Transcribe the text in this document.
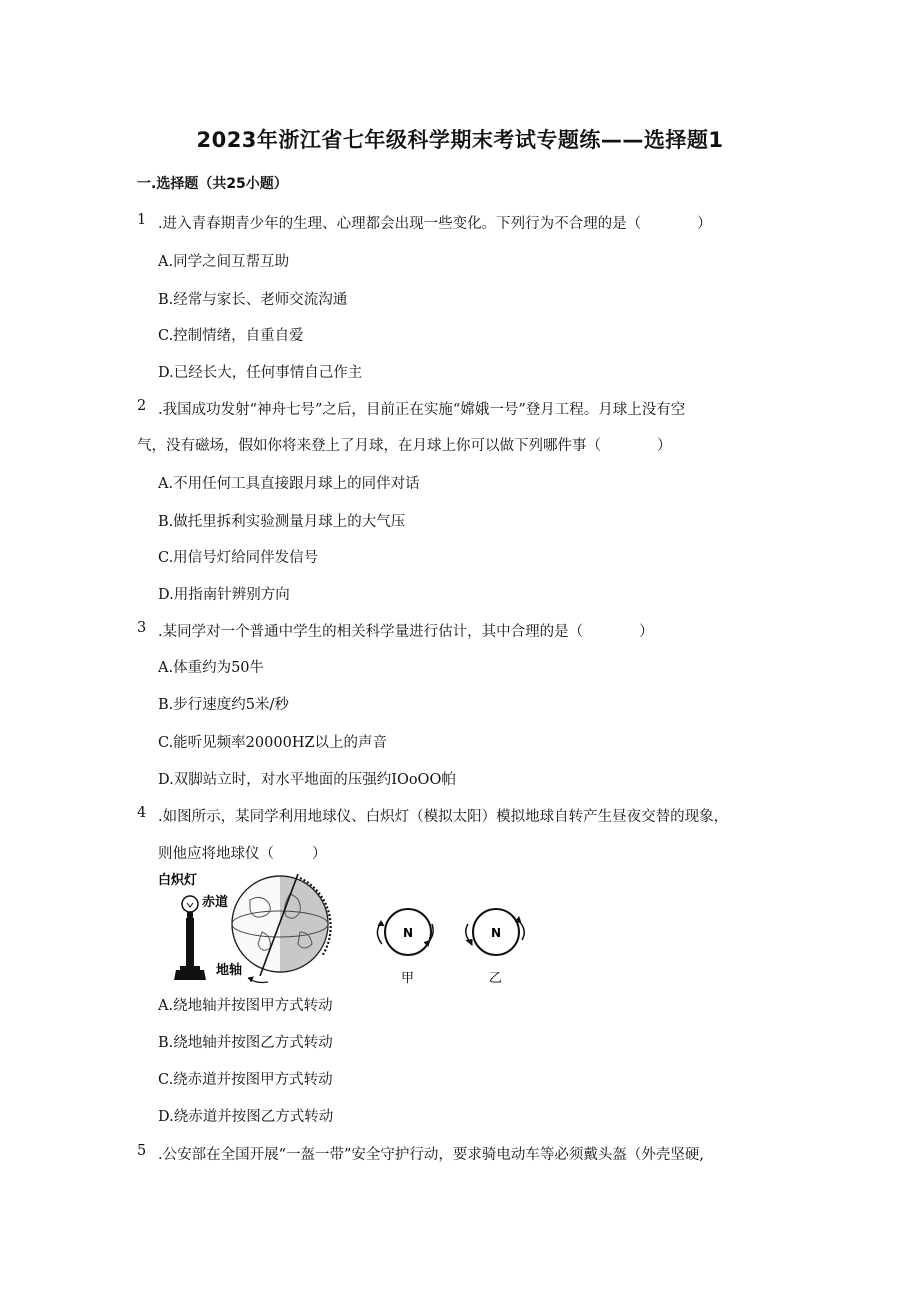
2023年浙江省七年级科学期末考试专题练——选择题1
一.选择题（共25小题）
1 .进入青春期青少年的生理、心理都会出现一些变化。下列行为不合理的是（	）
A.同学之间互帮互助
B.经常与家长、老师交流沟通
C.控制情绪，自重自爱
D.已经长大，任何事情自己作主
2 .我国成功发射“神舟七号”之后，目前正在实施“嫦娥一号”登月工程。月球上没有空
气，没有磁场，假如你将来登上了月球，在月球上你可以做下列哪件事（	）
A.不用任何工具直接跟月球上的同伴对话
B.做托里拆利实验测量月球上的大气压
C.用信号灯给同伴发信号
D.用指南针辨别方向
3 .某同学对一个普通中学生的相关科学量进行估计，其中合理的是（	）
A.体重约为50牛
B.步行速度约5米/秒
C.能听见频率20000HZ以上的声音
D.双脚站立时，对水平地面的压强约IOoOO帕
4 .如图所示，某同学利用地球仪、白炽灯（模拟太阳）模拟地球自转产生昼夜交替的现象，
则他应将地球仪（	）
白炽灯
赤道
地轴
N
甲
N
乙
A.绕地轴并按图甲方式转动
B.绕地轴并按图乙方式转动
C.绕赤道并按图甲方式转动
D.绕赤道并按图乙方式转动
5 .公安部在全国开展“一盔一带”安全守护行动，要求骑电动车等必须戴头盔（外壳坚硬,
